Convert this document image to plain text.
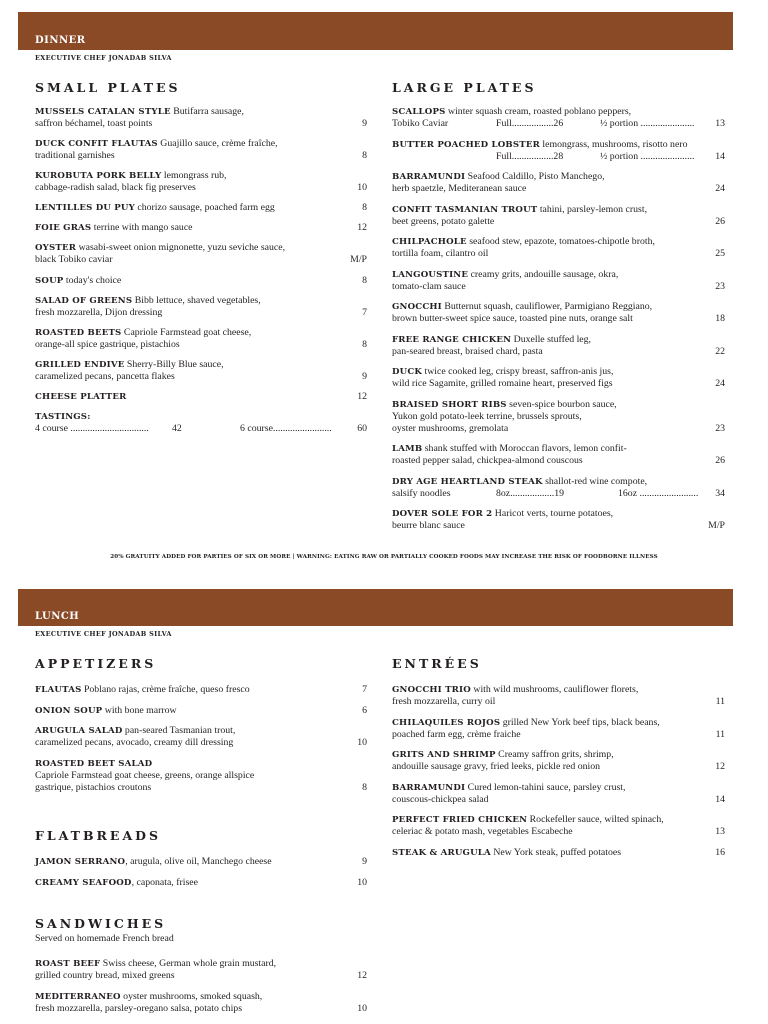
DINNER
EXECUTIVE CHEF JONADAB SILVA
SMALL PLATES
MUSSELS CATALAN STYLE Butifarra sausage,
saffron béchamel, toast points	9
DUCK CONFIT FLAUTAS Guajillo sauce, crème fraîche,
traditional garnishes	8
KUROBUTA PORK BELLY lemongrass rub,
cabbage-radish salad, black fig preserves	10
LENTILLES DU PUY chorizo sausage, poached farm egg	8
FOIE GRAS terrine with mango sauce	12
OYSTER wasabi-sweet onion mignonette, yuzu seviche sauce,
black Tobiko caviar	M/P
SOUP today's choice	8
SALAD OF GREENS Bibb lettuce, shaved vegetables,
fresh mozzarella, Dijon dressing	7
ROASTED BEETS Capriole Farmstead goat cheese,
orange-all spice gastrique, pistachios	8
GRILLED ENDIVE Sherry-Billy Blue sauce,
caramelized pecans, pancetta flakes	9
CHEESE PLATTER	12
TASTINGS:
4 course ................................ 42	6 course........................	60
LARGE PLATES
SCALLOPS winter squash cream, roasted poblano peppers,
Tobiko Caviar	Full.................26	½ portion ...................... 13
BUTTER POACHED LOBSTER lemongrass, mushrooms, risotto nero
Full.................28	½ portion ...................... 14
BARRAMUNDI Seafood Caldillo, Pisto Manchego,
herb spaetzle, Mediteranean sauce	24
CONFIT TASMANIAN TROUT tahini, parsley-lemon crust,
beet greens, potato galette	26
CHILPACHOLE seafood stew, epazote, tomatoes-chipotle broth,
tortilla foam, cilantro oil	25
LANGOUSTINE creamy grits, andouille sausage, okra,
tomato-clam sauce	23
GNOCCHI Butternut squash, cauliflower, Parmigiano Reggiano,
brown butter-sweet spice sauce, toasted pine nuts, orange salt	18
FREE RANGE CHICKEN Duxelle stuffed leg,
pan-seared breast, braised chard, pasta	22
DUCK twice cooked leg, crispy breast, saffron-anis jus,
wild rice Sagamite, grilled romaine heart, preserved figs	24
BRAISED SHORT RIBS seven-spice bourbon sauce,
Yukon gold potato-leek terrine, brussels sprouts,
oyster mushrooms, gremolata	23
LAMB shank stuffed with Moroccan flavors, lemon confit-
roasted pepper salad, chickpea-almond couscous	26
DRY AGE HEARTLAND STEAK shallot-red wine compote,
salsify noodles	8oz..................19	16oz ........................ 34
DOVER SOLE FOR 2 Haricot verts, tourne potatoes,
beurre blanc sauce	M/P
20% GRATUITY ADDED FOR PARTIES OF SIX OR MORE | WARNING: EATING RAW OR PARTIALLY COOKED FOODS MAY INCREASE THE RISK OF FOODBORNE ILLNESS
LUNCH
EXECUTIVE CHEF JONADAB SILVA
APPETIZERS
FLAUTAS Poblano rajas, crème fraîche, queso fresco	7
ONION SOUP with bone marrow	6
ARUGULA SALAD pan-seared Tasmanian trout,
caramelized pecans, avocado, creamy dill dressing	10
ROASTED BEET SALAD
Capriole Farmstead goat cheese, greens, orange allspice
gastrique, pistachios croutons	8
FLATBREADS
JAMON SERRANO, arugula, olive oil, Manchego cheese	9
CREAMY SEAFOOD, caponata, frisee	10
SANDWICHES
Served on homemade French bread
ROAST BEEF Swiss cheese, German whole grain mustard,
grilled country bread, mixed greens	12
MEDITERRANEO oyster mushrooms, smoked squash,
fresh mozzarella, parsley-oregano salsa, potato chips	10
ENTRÉES
GNOCCHI TRIO with wild mushrooms, cauliflower florets,
fresh mozzarella, curry oil	11
CHILAQUILES ROJOS grilled New York beef tips, black beans,
poached farm egg, crème fraiche	11
GRITS AND SHRIMP Creamy saffron grits, shrimp,
andouille sausage gravy, fried leeks, pickle red onion	12
BARRAMUNDI Cured lemon-tahini sauce, parsley crust,
couscous-chickpea salad	14
PERFECT FRIED CHICKEN Rockefeller sauce, wilted spinach,
celeriac & potato mash, vegetables Escabeche	13
STEAK & ARUGULA New York steak, puffed potatoes	16
